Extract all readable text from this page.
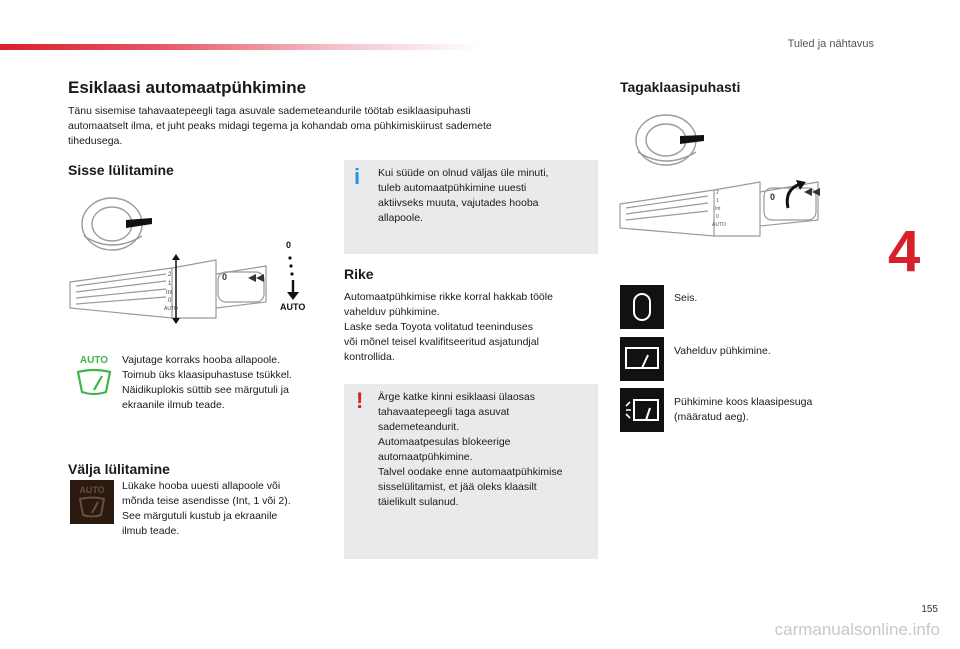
Tuled ja nähtavus
4
Esiklaasi automaatpühkimine
Tänu sisemise tahavaatepeegli taga asuvale sademeteandurile töötab esiklaasipuhasti
automaatselt ilma, et juht peaks midagi tegema ja kohandab oma pühkimiskiirust sademete
tihedusega.
Sisse lülitamine
2
1
Int
0
AUTO
0
0
AUTO
AUTO	Vajutage korraks hooba allapoole.
Toimub üks klaasipuhastuse tsükkel.
Näidikuplokis süttib see märgutuli ja
ekraanile ilmub teade.
Välja lülitamine
AUTO	Lükake hooba uuesti allapoole või
mõnda teise asendisse (Int, 1 või 2).
See märgutuli kustub ja ekraanile
ilmub teade.
i Kui süüde on olnud väljas üle minuti,
tuleb automaatpühkimine uuesti
aktiivseks muuta, vajutades hooba
allapoole.
Rike
Automaatpühkimise rikke korral hakkab tööle
vahelduv pühkimine.
Laske seda Toyota volitatud teeninduses
või mõnel teisel kvalifitseeritud asjatundjal
kontrollida.
! Ärge katke kinni esiklaasi ülaosas
tahavaatepeegli taga asuvat
sademeteandurit.
Automaatpesulas blokeerige
automaatpühkimine.
Talvel oodake enne automaatpühkimise
sisselülitamist, et jää oleks klaasilt
täielikult sulanud.
Tagaklaasipuhasti
2
1
Int
0
AUTO
0
Seis.
Vahelduv pühkimine.
Pühkimine koos klaasipesuga
(määratud aeg).
155
carmanualsonline.info
